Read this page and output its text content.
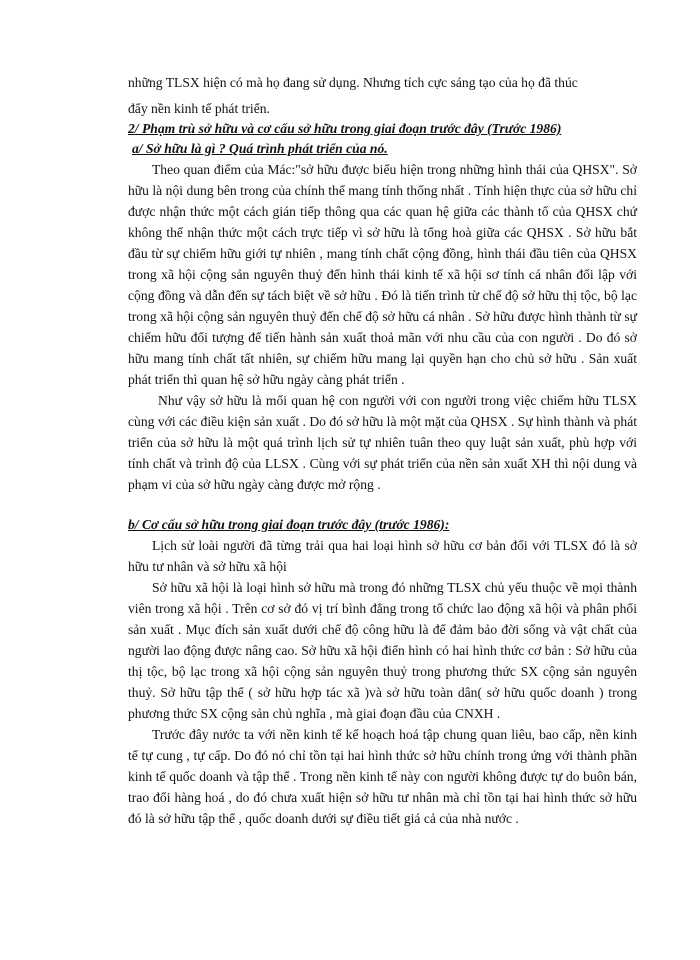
những TLSX hiện có mà họ đang sử dụng. Nhưng tích cực sáng tạo của họ đã thúc

đẩy nền kinh tế phát triển.

2/ Phạm trù sở hữu và cơ cấu sở hữu trong giai đoạn trước đây (Trước 1986)
a/ Sở hữu là gì ? Quá trình phát triển của nó.

Theo quan điểm của Mác:"sở hữu được biểu hiện trong những hình thái của QHSX". Sở hữu là nội dung bên trong của chính thể mang tính thống nhất . Tính hiện thực của sở hữu chỉ được nhận thức một cách gián tiếp thông qua các quan hệ giữa các thành tố của QHSX chứ không thể nhận thức một cách trực tiếp vì sở hữu là tổng hoà giữa các QHSX . Sở hữu bắt đầu từ sự chiếm hữu giới tự nhiên , mang tính chất cộng đồng, hình thái đầu tiên của QHSX trong xã hội cộng sản nguyên thuỷ đến hình thái kinh tế xã hội sơ tính cá nhân đối lập với cộng đồng và dẫn đến sự tách biệt về sở hữu . Đó là tiến trình từ chế độ sở hữu thị tộc, bộ lạc trong xã hội cộng sản nguyên thuỷ đến chế độ sở hữu cá nhân . Sở hữu được hình thành từ sự chiếm hữu đối tượng để tiến hành sản xuất thoả mãn với nhu cầu của con người . Do đó sở hữu mang tính chất tất nhiên, sự chiếm hữu mang lại quyền hạn cho chủ sở hữu . Sản xuất phát triển thì quan hệ sở hữu ngày càng phát triển .

Như vậy sở hữu là mối quan hệ con người với con người trong việc chiếm hữu TLSX cùng với các điều kiện sản xuất . Do đó sở hữu là một mặt của QHSX . Sự hình thành và phát triển của sở hữu là một quá trình lịch sử tự nhiên tuân theo quy luật sản xuất, phù hợp với tính chất và trình độ của LLSX . Cùng với sự phát triển của nền sản xuất XH thì nội dung và phạm vi của sở hữu ngày càng được mở rộng .

b/ Cơ cấu sở hữu trong giai đoạn trước đây (trước 1986):

Lịch sử loài người đã từng trải qua hai loại hình sở hữu cơ bản đối với TLSX đó là sở hữu tư nhân và sở hữu xã hội

Sở hữu xã hội là loại hình sở hữu mà trong đó những TLSX chủ yếu thuộc về mọi thành viên trong xã hội . Trên cơ sở đó vị trí bình đẳng trong tổ chức lao động xã hội và phân phối sản xuất . Mục đích sản xuất dưới chế độ công hữu là để đảm bảo đời sống và vật chất của người lao động được nâng cao. Sở hữu xã hội điển hình có hai hình thức cơ bản : Sở hữu của thị tộc, bộ lạc trong xã hội cộng sản nguyên thuỷ trong phương thức SX cộng sản nguyên thuỷ. Sở hữu tập thể ( sở hữu hợp tác xã )và sở hữu toàn dân( sở hữu quốc doanh ) trong phương thức SX cộng sản chủ nghĩa , mà giai đoạn đầu của CNXH .

Trước đây nước ta với nền kinh tế kế hoạch hoá tập chung quan liêu, bao cấp, nền kinh tế tự cung , tự cấp. Do đó nó chỉ tồn tại hai hình thức sở hữu chính trong ứng với thành phần kinh tế quốc doanh và tập thể . Trong nền kinh tế này con người không được tự do buôn bán, trao đổi hàng hoá , do đó chưa xuất hiện sở hữu tư nhân mà chỉ tồn tại hai hình thức sở hữu đó là sở hữu tập thể , quốc doanh dưới sự điều tiết giá cả của nhà nước .
